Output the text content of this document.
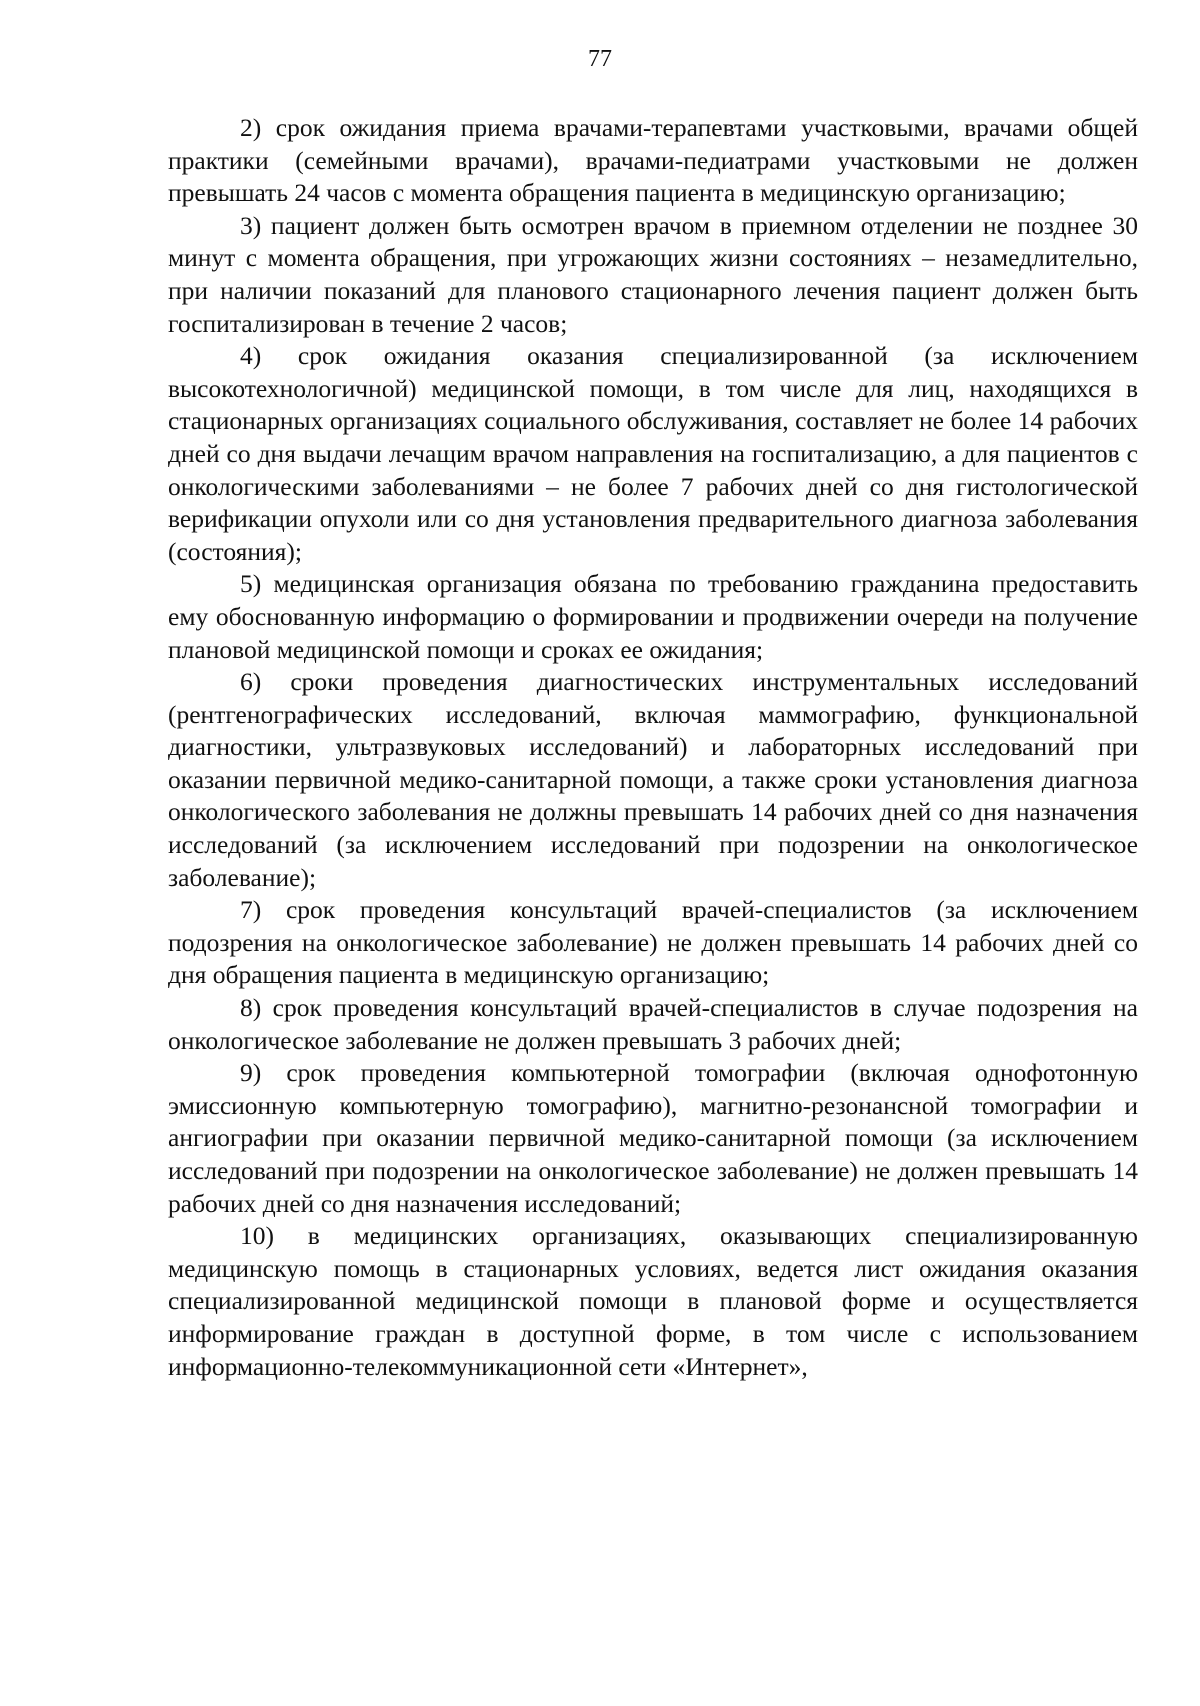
77

2) срок ожидания приема врачами-терапевтами участковыми, врачами общей практики (семейными врачами), врачами-педиатрами участковыми не должен превышать 24 часов с момента обращения пациента в медицинскую организацию;

3) пациент должен быть осмотрен врачом в приемном отделении не позднее 30 минут с момента обращения, при угрожающих жизни состояниях – незамедлительно, при наличии показаний для планового стационарного лечения пациент должен быть госпитализирован в течение 2 часов;

4) срок ожидания оказания специализированной (за исключением высокотехнологичной) медицинской помощи, в том числе для лиц, находящихся в стационарных организациях социального обслуживания, составляет не более 14 рабочих дней со дня выдачи лечащим врачом направления на госпитализацию, а для пациентов с онкологическими заболеваниями – не более 7 рабочих дней со дня гистологической верификации опухоли или со дня установления предварительного диагноза заболевания (состояния);

5) медицинская организация обязана по требованию гражданина предоставить ему обоснованную информацию о формировании и продвижении очереди на получение плановой медицинской помощи и сроках ее ожидания;

6) сроки проведения диагностических инструментальных исследований (рентгенографических исследований, включая маммографию, функциональной диагностики, ультразвуковых исследований) и лабораторных исследований при оказании первичной медико-санитарной помощи, а также сроки установления диагноза онкологического заболевания не должны превышать 14 рабочих дней со дня назначения исследований (за исключением исследований при подозрении на онкологическое заболевание);

7) срок проведения консультаций врачей-специалистов (за исключением подозрения на онкологическое заболевание) не должен превышать 14 рабочих дней со дня обращения пациента в медицинскую организацию;

8) срок проведения консультаций врачей-специалистов в случае подозрения на онкологическое заболевание не должен превышать 3 рабочих дней;

9) срок проведения компьютерной томографии (включая однофотонную эмиссионную компьютерную томографию), магнитно-резонансной томографии и ангиографии при оказании первичной медико-санитарной помощи (за исключением исследований при подозрении на онкологическое заболевание) не должен превышать 14 рабочих дней со дня назначения исследований;

10) в медицинских организациях, оказывающих специализированную медицинскую помощь в стационарных условиях, ведется лист ожидания оказания специализированной медицинской помощи в плановой форме и осуществляется информирование граждан в доступной форме, в том числе с использованием информационно-телекоммуникационной сети «Интернет»,
